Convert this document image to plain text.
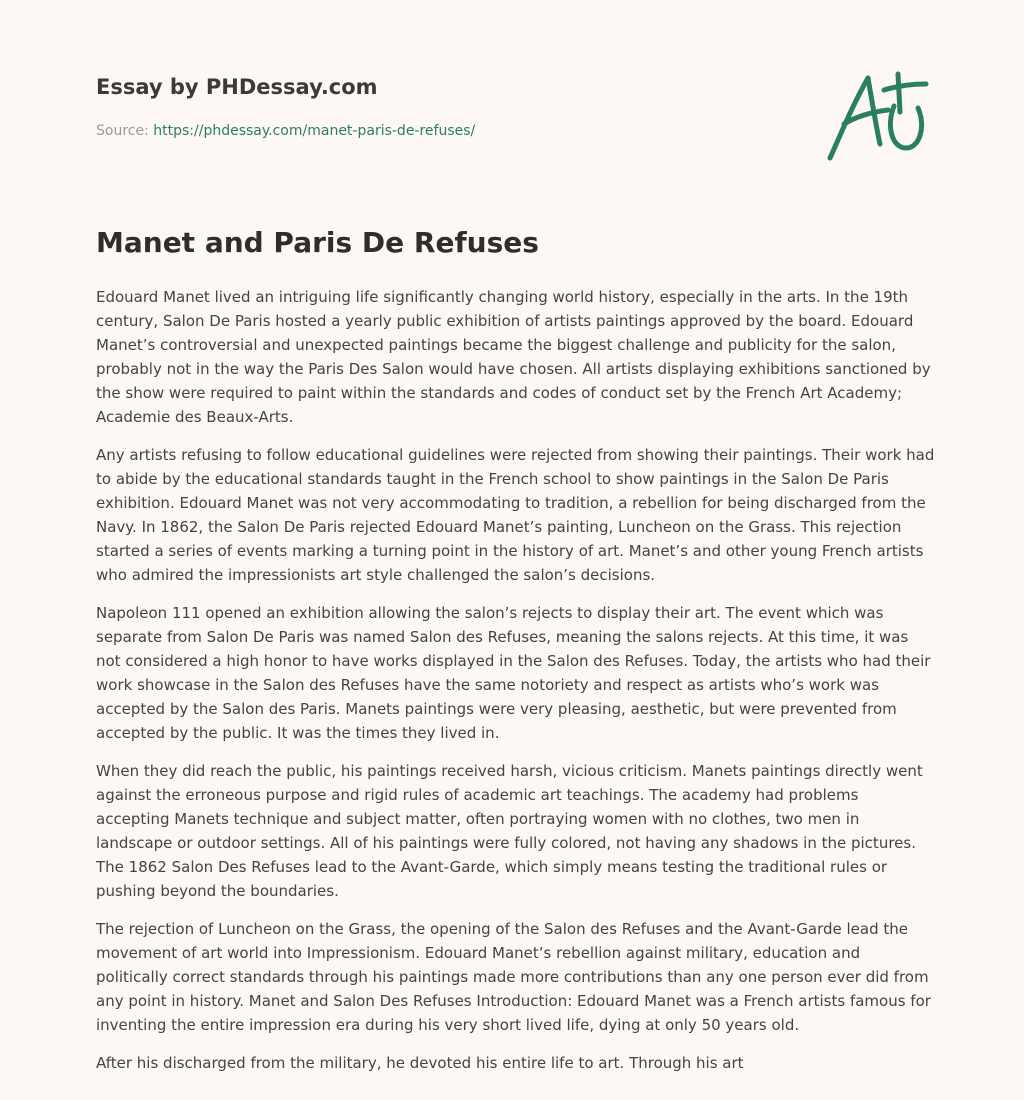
Essay by PHDessay.com
Source: https://phdessay.com/manet-paris-de-refuses/
Manet and Paris De Refuses

Edouard Manet lived an intriguing life significantly changing world history, especially in the arts. In the 19th century, Salon De Paris hosted a yearly public exhibition of artists paintings approved by the board. Edouard Manet’s controversial and unexpected paintings became the biggest challenge and publicity for the salon, probably not in the way the Paris Des Salon would have chosen. All artists displaying exhibitions sanctioned by the show were required to paint within the standards and codes of conduct set by the French Art Academy; Academie des Beaux-Arts.

Any artists refusing to follow educational guidelines were rejected from showing their paintings. Their work had to abide by the educational standards taught in the French school to show paintings in the Salon De Paris exhibition. Edouard Manet was not very accommodating to tradition, a rebellion for being discharged from the Navy. In 1862, the Salon De Paris rejected Edouard Manet’s painting, Luncheon on the Grass. This rejection started a series of events marking a turning point in the history of art. Manet’s and other young French artists who admired the impressionists art style challenged the salon’s decisions.

Napoleon 111 opened an exhibition allowing the salon’s rejects to display their art. The event which was separate from Salon De Paris was named Salon des Refuses, meaning the salons rejects. At this time, it was not considered a high honor to have works displayed in the Salon des Refuses. Today, the artists who had their work showcase in the Salon des Refuses have the same notoriety and respect as artists who’s work was accepted by the Salon des Paris. Manets paintings were very pleasing, aesthetic, but were prevented from accepted by the public. It was the times they lived in.

When they did reach the public, his paintings received harsh, vicious criticism. Manets paintings directly went against the erroneous purpose and rigid rules of academic art teachings. The academy had problems accepting Manets technique and subject matter, often portraying women with no clothes, two men in landscape or outdoor settings. All of his paintings were fully colored, not having any shadows in the pictures. The 1862 Salon Des Refuses lead to the Avant-Garde, which simply means testing the traditional rules or pushing beyond the boundaries.

The rejection of Luncheon on the Grass, the opening of the Salon des Refuses and the Avant-Garde lead the movement of art world into Impressionism. Edouard Manet’s rebellion against military, education and politically correct standards through his paintings made more contributions than any one person ever did from any point in history. Manet and Salon Des Refuses Introduction: Edouard Manet was a French artists famous for inventing the entire impression era during his very short lived life, dying at only 50 years old.

After his discharged from the military, he devoted his entire life to art. Through his art
